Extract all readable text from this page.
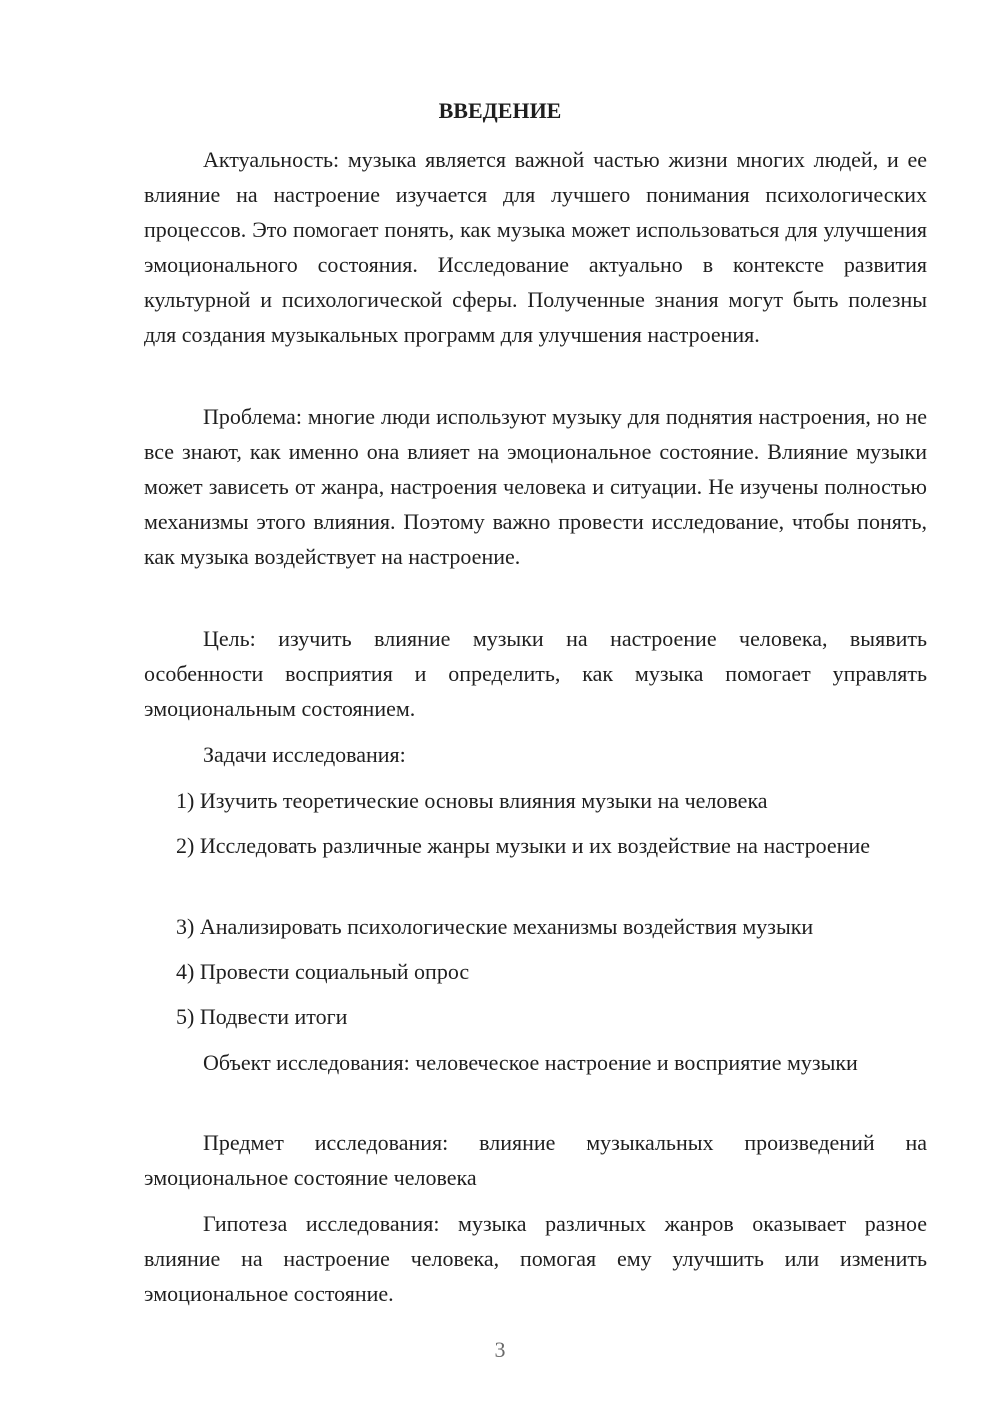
ВВЕДЕНИЕ

Актуальность: музыка является важной частью жизни многих людей, и ее влияние на настроение изучается для лучшего понимания психологических процессов. Это помогает понять, как музыка может использоваться для улучшения эмоционального состояния. Исследование актуально в контексте развития культурной и психологической сферы. Полученные знания могут быть полезны для создания музыкальных программ для улучшения настроения.

Проблема: многие люди используют музыку для поднятия настроения, но не все знают, как именно она влияет на эмоциональное состояние. Влияние музыки может зависеть от жанра, настроения человека и ситуации. Не изучены полностью механизмы этого влияния. Поэтому важно провести исследование, чтобы понять, как музыка воздействует на настроение.

Цель: изучить влияние музыки на настроение человека, выявить особенности восприятия и определить, как музыка помогает управлять эмоциональным состоянием.

Задачи исследования:

1) Изучить теоретические основы влияния музыки на человека

2) Исследовать различные жанры музыки и их воздействие на настроение

3) Анализировать психологические механизмы воздействия музыки

4) Провести социальный опрос

5) Подвести итоги

Объект исследования: человеческое настроение и восприятие музыки

Предмет исследования: влияние музыкальных произведений на эмоциональное состояние человека

Гипотеза исследования: музыка различных жанров оказывает разное влияние на настроение человека, помогая ему улучшить или изменить эмоциональное состояние.

3
